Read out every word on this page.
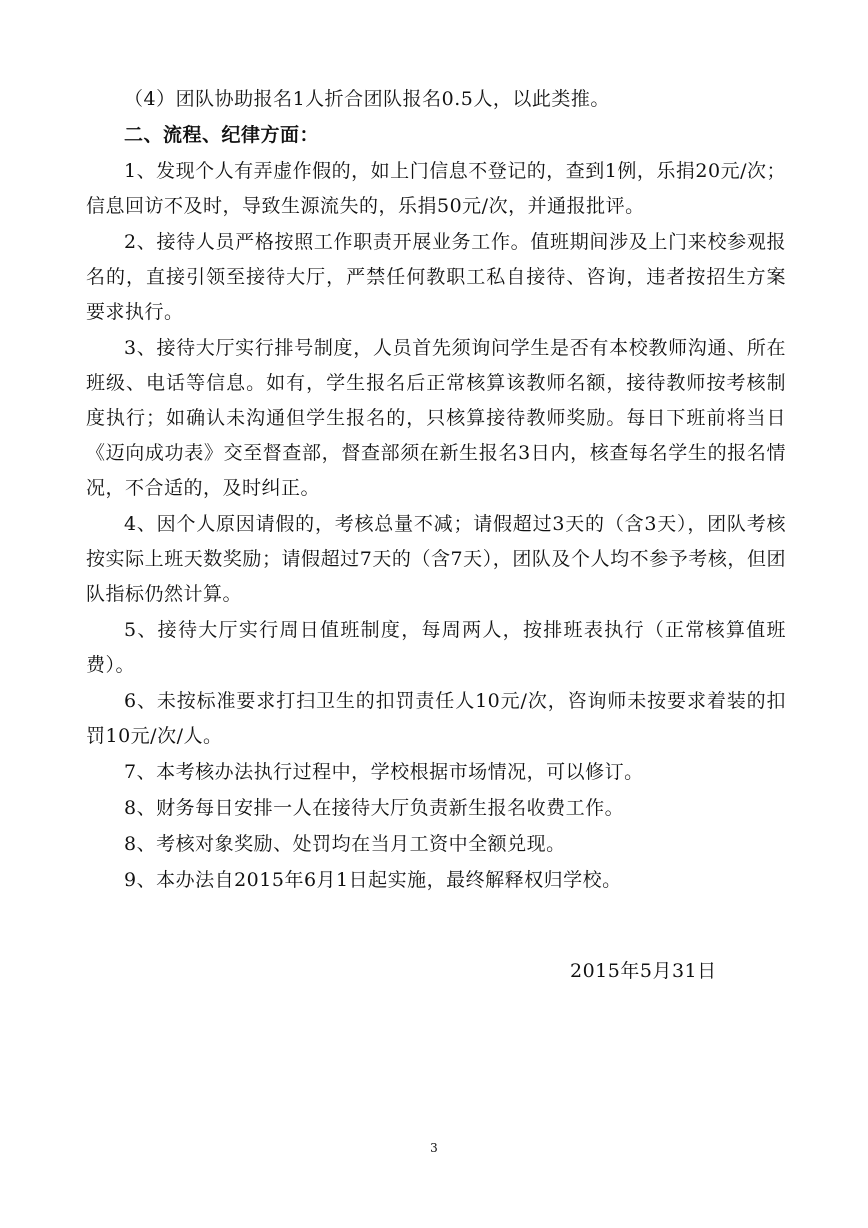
（4）团队协助报名1人折合团队报名0.5人，以此类推。

二、流程、纪律方面：

1、发现个人有弄虚作假的，如上门信息不登记的，查到1例，乐捐20元/次；信息回访不及时，导致生源流失的，乐捐50元/次，并通报批评。

2、接待人员严格按照工作职责开展业务工作。值班期间涉及上门来校参观报名的，直接引领至接待大厅，严禁任何教职工私自接待、咨询，违者按招生方案要求执行。

3、接待大厅实行排号制度，人员首先须询问学生是否有本校教师沟通、所在班级、电话等信息。如有，学生报名后正常核算该教师名额，接待教师按考核制度执行；如确认未沟通但学生报名的，只核算接待教师奖励。每日下班前将当日《迈向成功表》交至督查部，督查部须在新生报名3日内，核查每名学生的报名情况，不合适的，及时纠正。

4、因个人原因请假的，考核总量不减；请假超过3天的（含3天），团队考核按实际上班天数奖励；请假超过7天的（含7天），团队及个人均不参予考核，但团队指标仍然计算。

5、接待大厅实行周日值班制度，每周两人，按排班表执行（正常核算值班费）。

6、未按标准要求打扫卫生的扣罚责任人10元/次，咨询师未按要求着装的扣罚10元/次/人。

7、本考核办法执行过程中，学校根据市场情况，可以修订。

8、财务每日安排一人在接待大厅负责新生报名收费工作。

8、考核对象奖励、处罚均在当月工资中全额兑现。

9、本办法自2015年6月1日起实施，最终解释权归学校。

2015年5月31日
3
